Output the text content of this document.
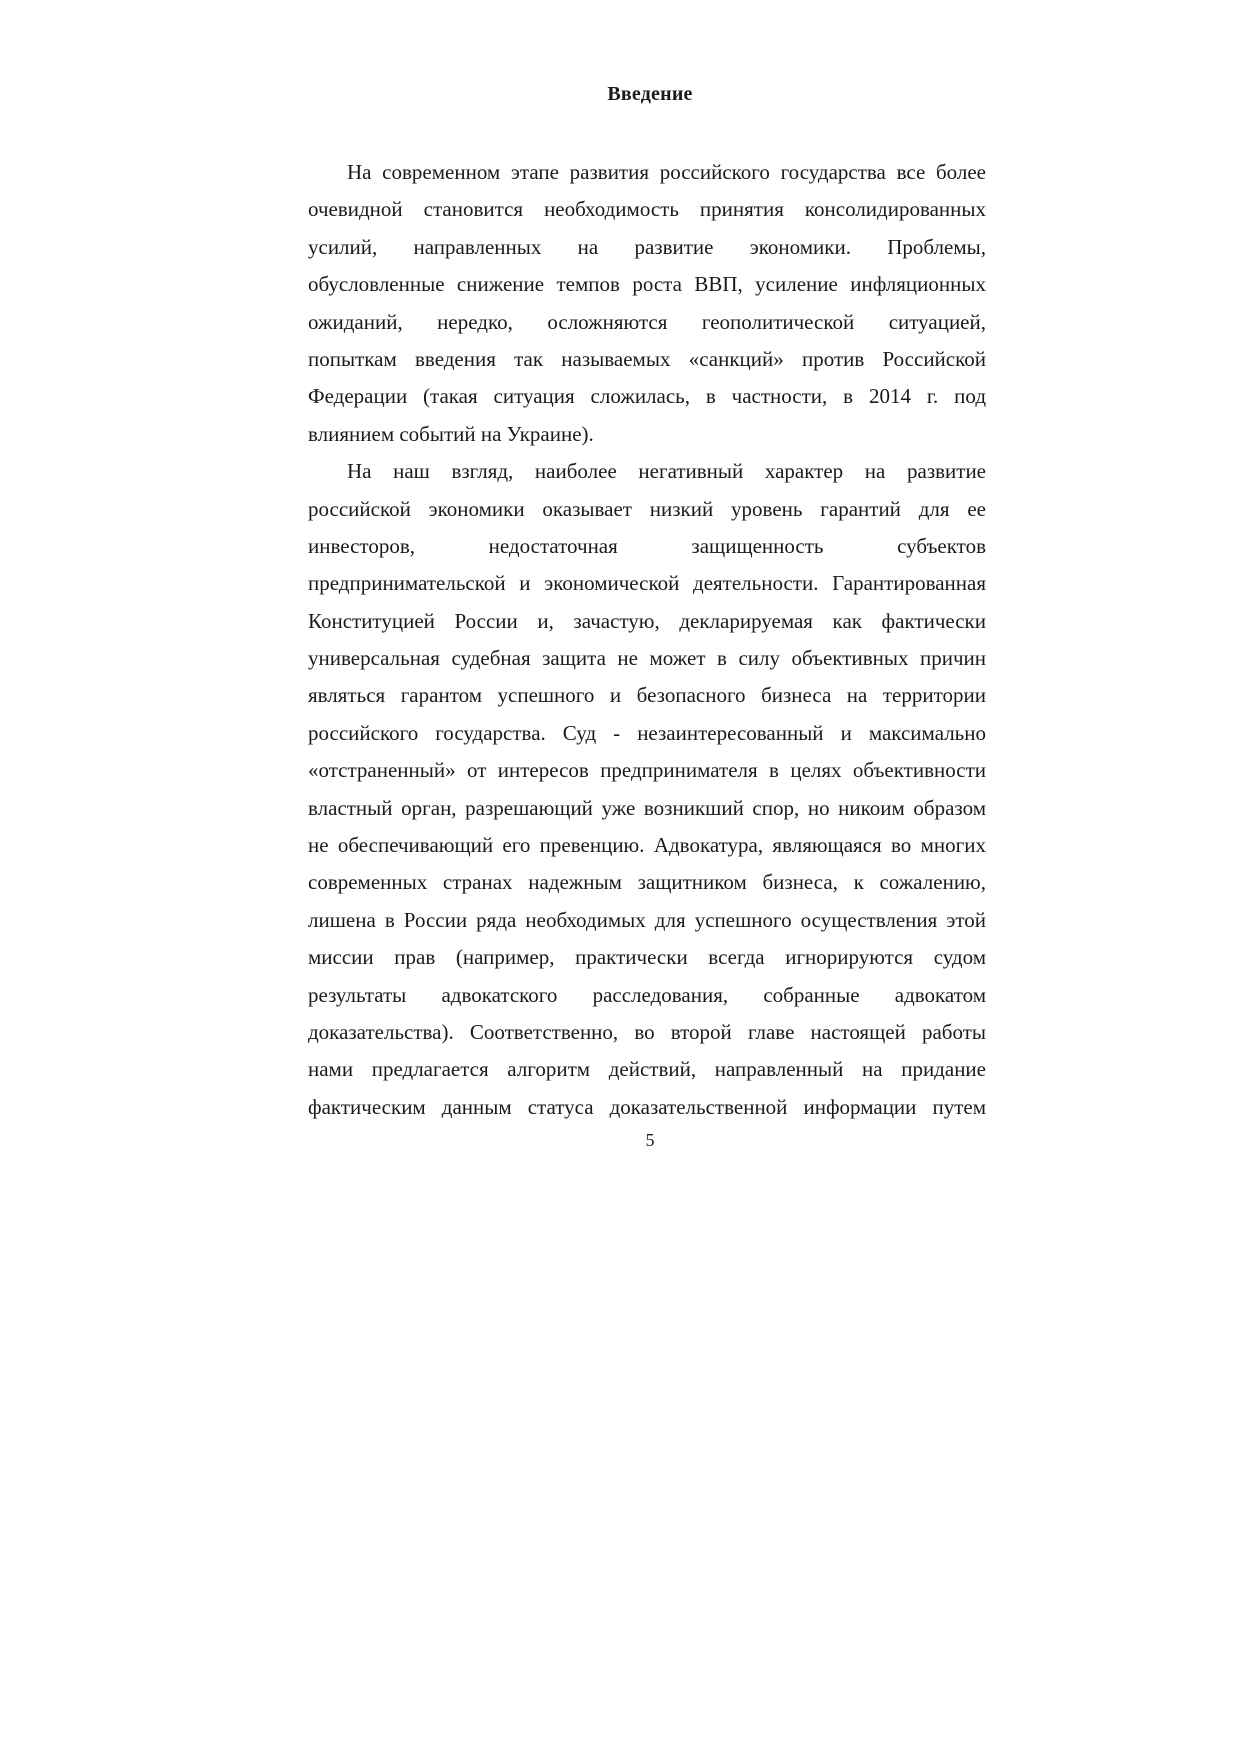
Введение
На современном этапе развития российского государства все более
очевидной становится необходимость принятия консолидированных
усилий, направленных на развитие экономики. Проблемы,
обусловленные снижение темпов роста ВВП, усиление инфляционных
ожиданий, нередко, осложняются геополитической ситуацией,
попыткам введения так называемых «санкций» против Российской
Федерации (такая ситуация сложилась, в частности, в 2014 г. под
влиянием событий на Украине).
На наш взгляд, наиболее негативный характер на развитие
российской экономики оказывает низкий уровень гарантий для ее
инвесторов, недостаточная защищенность субъектов
предпринимательской и экономической деятельности. Гарантированная
Конституцией России и, зачастую, декларируемая как фактически
универсальная судебная защита не может в силу объективных причин
являться гарантом успешного и безопасного бизнеса на территории
российского государства. Суд - незаинтересованный и максимально
«отстраненный» от интересов предпринимателя в целях объективности
властный орган, разрешающий уже возникший спор, но никоим образом
не обеспечивающий его превенцию. Адвокатура, являющаяся во многих
современных странах надежным защитником бизнеса, к сожалению,
лишена в России ряда необходимых для успешного осуществления этой
миссии прав (например, практически всегда игнорируются судом
результаты адвокатского расследования, собранные адвокатом
доказательства). Соответственно, во второй главе настоящей работы
нами предлагается алгоритм действий, направленный на придание
фактическим данным статуса доказательственной информации путем
5
